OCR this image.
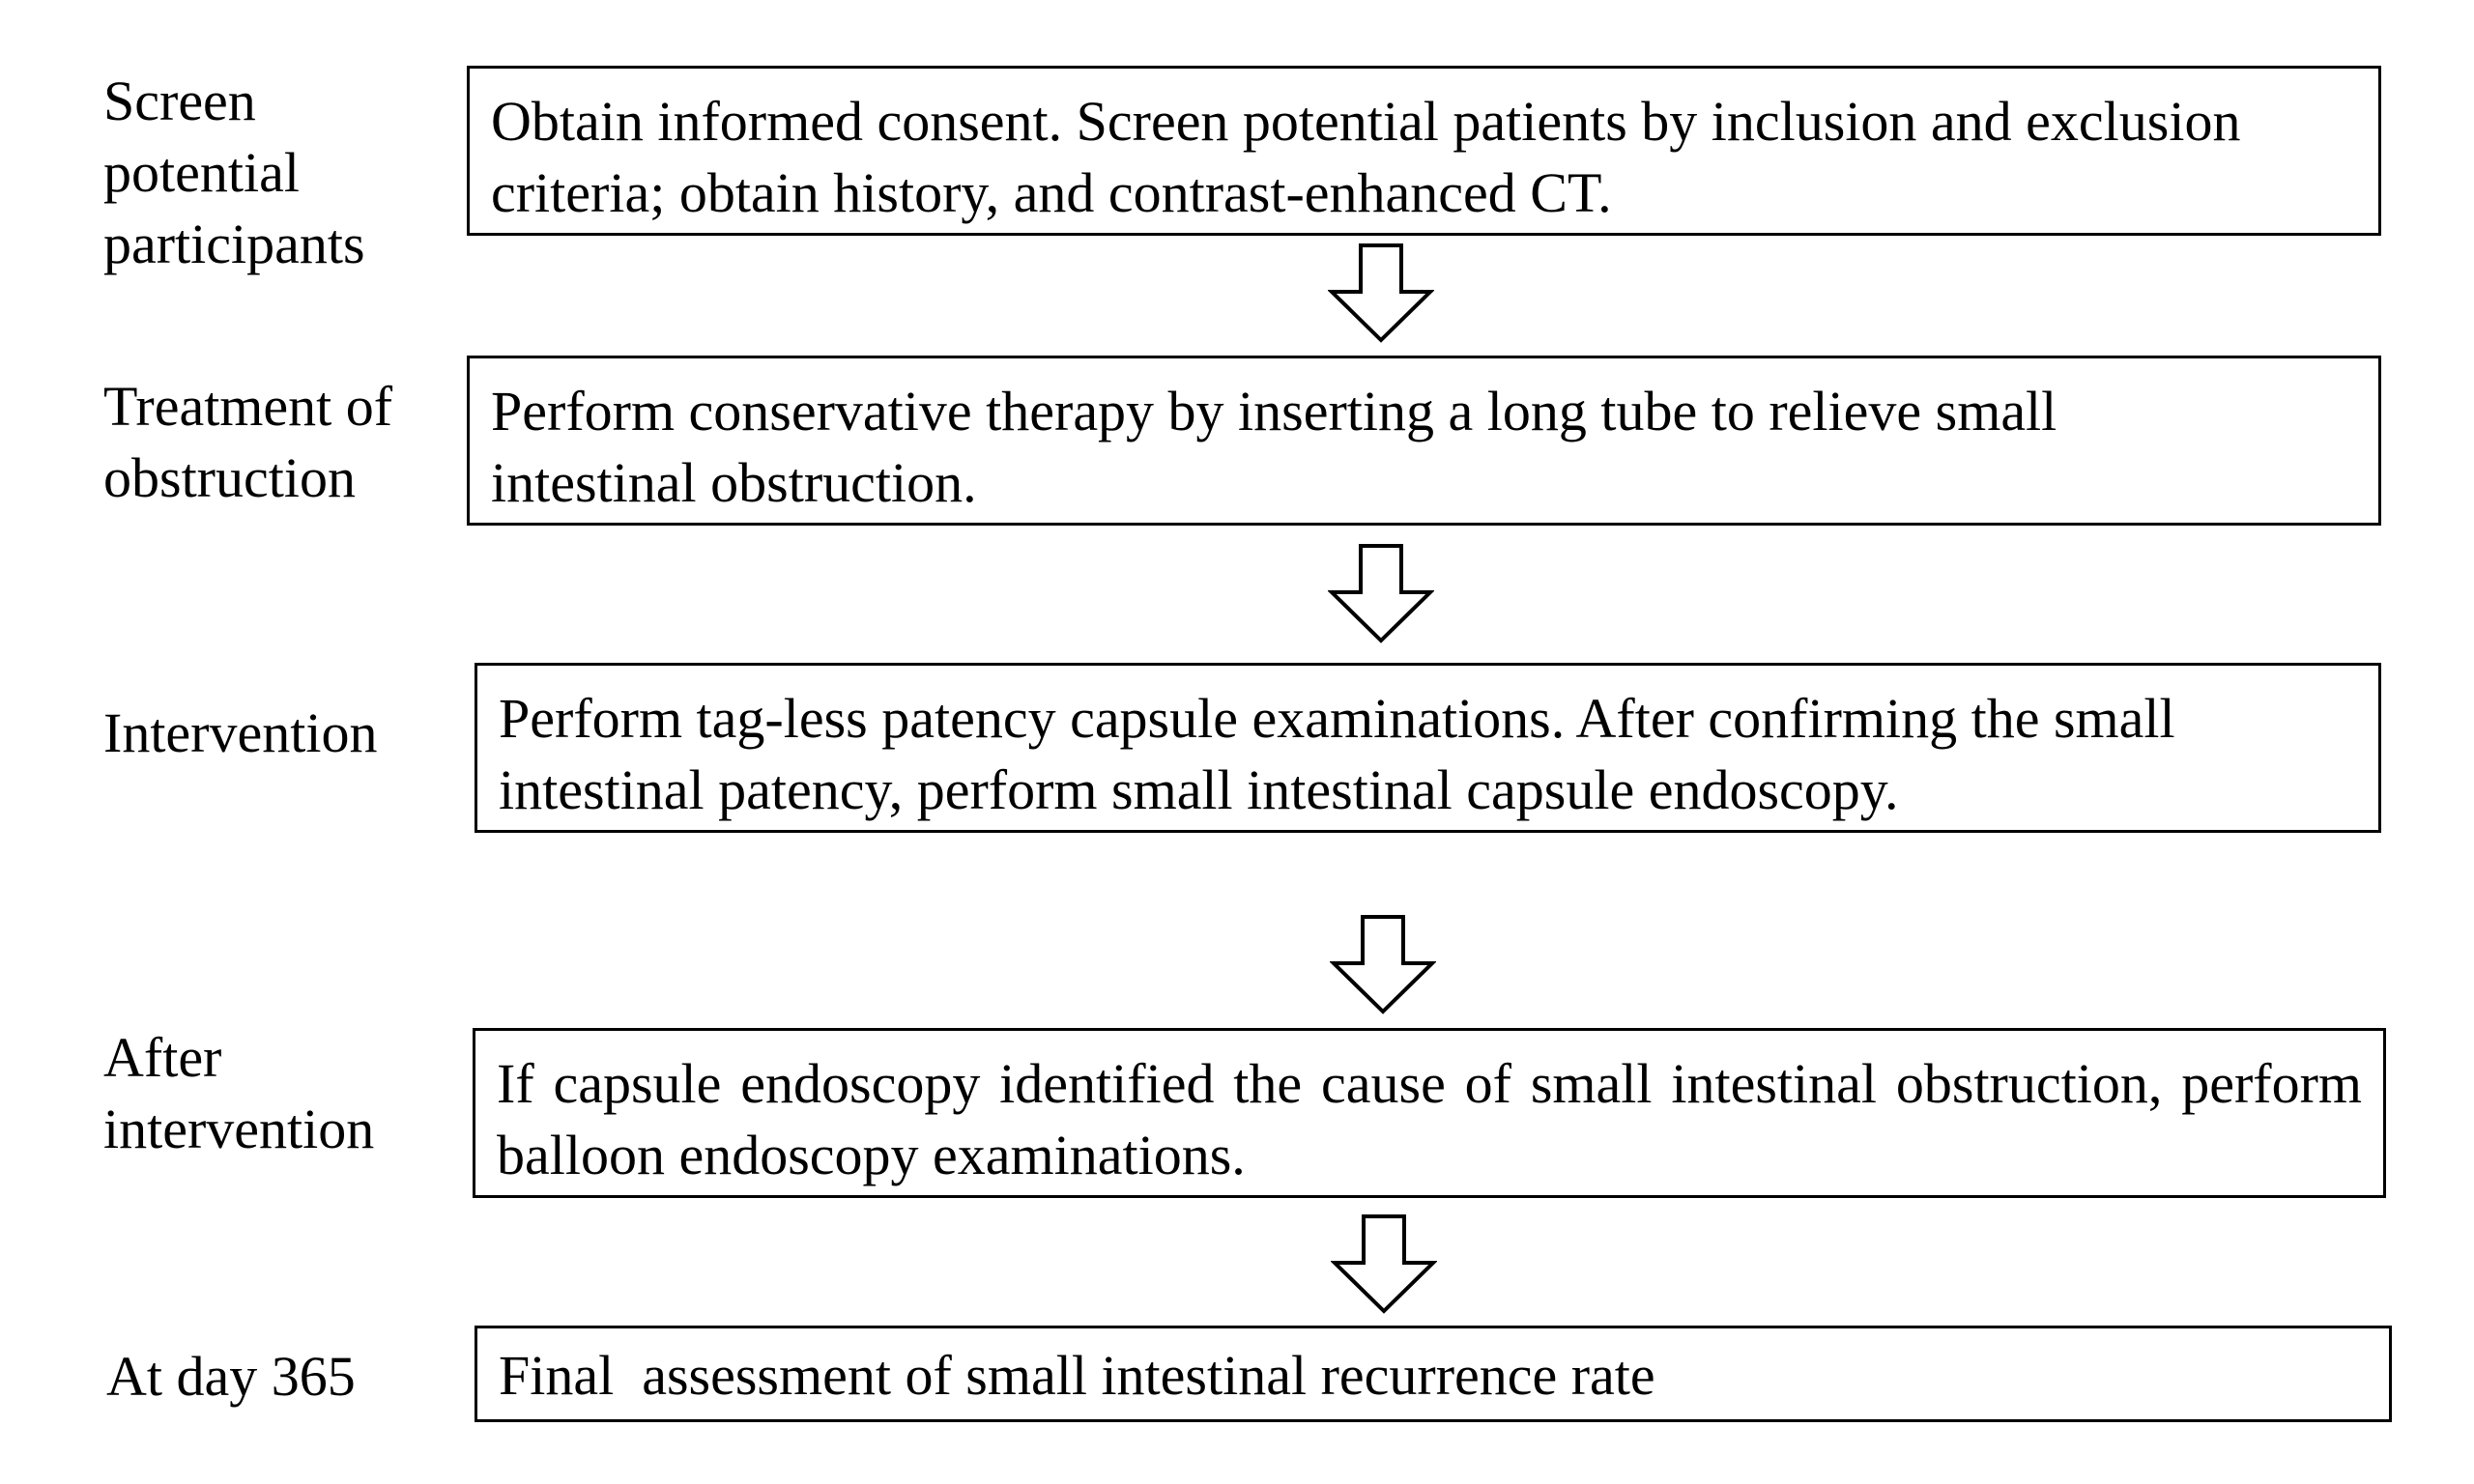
Screen
potential
participants
Obtain informed consent. Screen potential patients by inclusion and exclusion criteria; obtain history, and contrast-enhanced CT.
Treatment of
obstruction
Perform conservative therapy by inserting a long tube to relieve small intestinal obstruction.
Intervention	Perform tag-less patency capsule examinations. After confirming the small intestinal patency, perform small intestinal capsule endoscopy.
After
intervention
If capsule endoscopy identified the cause of small intestinal obstruction, perform balloon endoscopy examinations.
At day 365	Final  assessment of small intestinal recurrence rate
